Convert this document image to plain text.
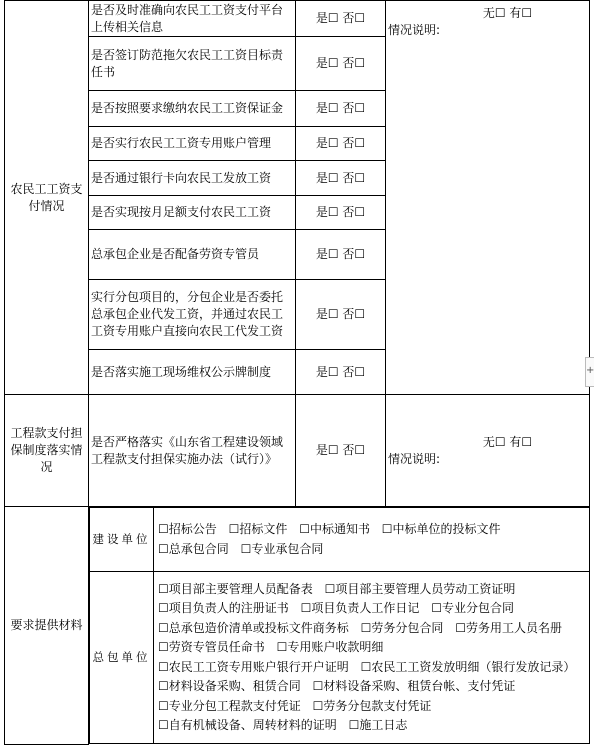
农民工工资支付情况	是否及时准确向农民工工资支付平台上传相关信息	是☐ 否☐	无☐ 有☐
情况说明:
是否签订防范拖欠农民工工资目标责任书	是☐ 否☐
是否按照要求缴纳农民工工资保证金	是☐ 否☐
是否实行农民工工资专用账户管理	是☐ 否☐
是否通过银行卡向农民工发放工资	是☐ 否☐
是否实现按月足额支付农民工工资	是☐ 否☐
总承包企业是否配备劳资专管员	是☐ 否☐
实行分包项目的，分包企业是否委托总承包企业代发工资，并通过农民工工资专用账户直接向农民工代发工资	是☐ 否☐
是否落实施工现场维权公示牌制度	是☐ 否☐
工程款支付担保制度落实情况	是否严格落实《山东省工程建设领域工程款支付担保实施办法（试行）》	是☐ 否☐	
无☐ 有☐
情况说明:
要求提供材料	
建设单位	☐招标公告 ☐招标文件 ☐中标通知书 ☐中标单位的投标文件 ☐总承包合同 ☐专业承包合同
总包单位	☐项目部主要管理人员配备表 ☐项目部主要管理人员劳动工资证明 ☐项目负责人的注册证书 ☐项目负责人工作日记 ☐专业分包合同 ☐总承包造价清单或投标文件商务标 ☐劳务分包合同 ☐劳务用工人员名册 ☐劳资专管员任命书 ☐专用账户收款明细 ☐农民工工资专用账户银行开户证明 ☐农民工工资发放明细（银行发放记录） ☐材料设备采购、租赁合同 ☐材料设备采购、租赁台帐、支付凭证 ☐专业分包工程款支付凭证 ☐劳务分包款支付凭证 ☐自有机械设备、周转材料的证明 ☐施工日志

+
